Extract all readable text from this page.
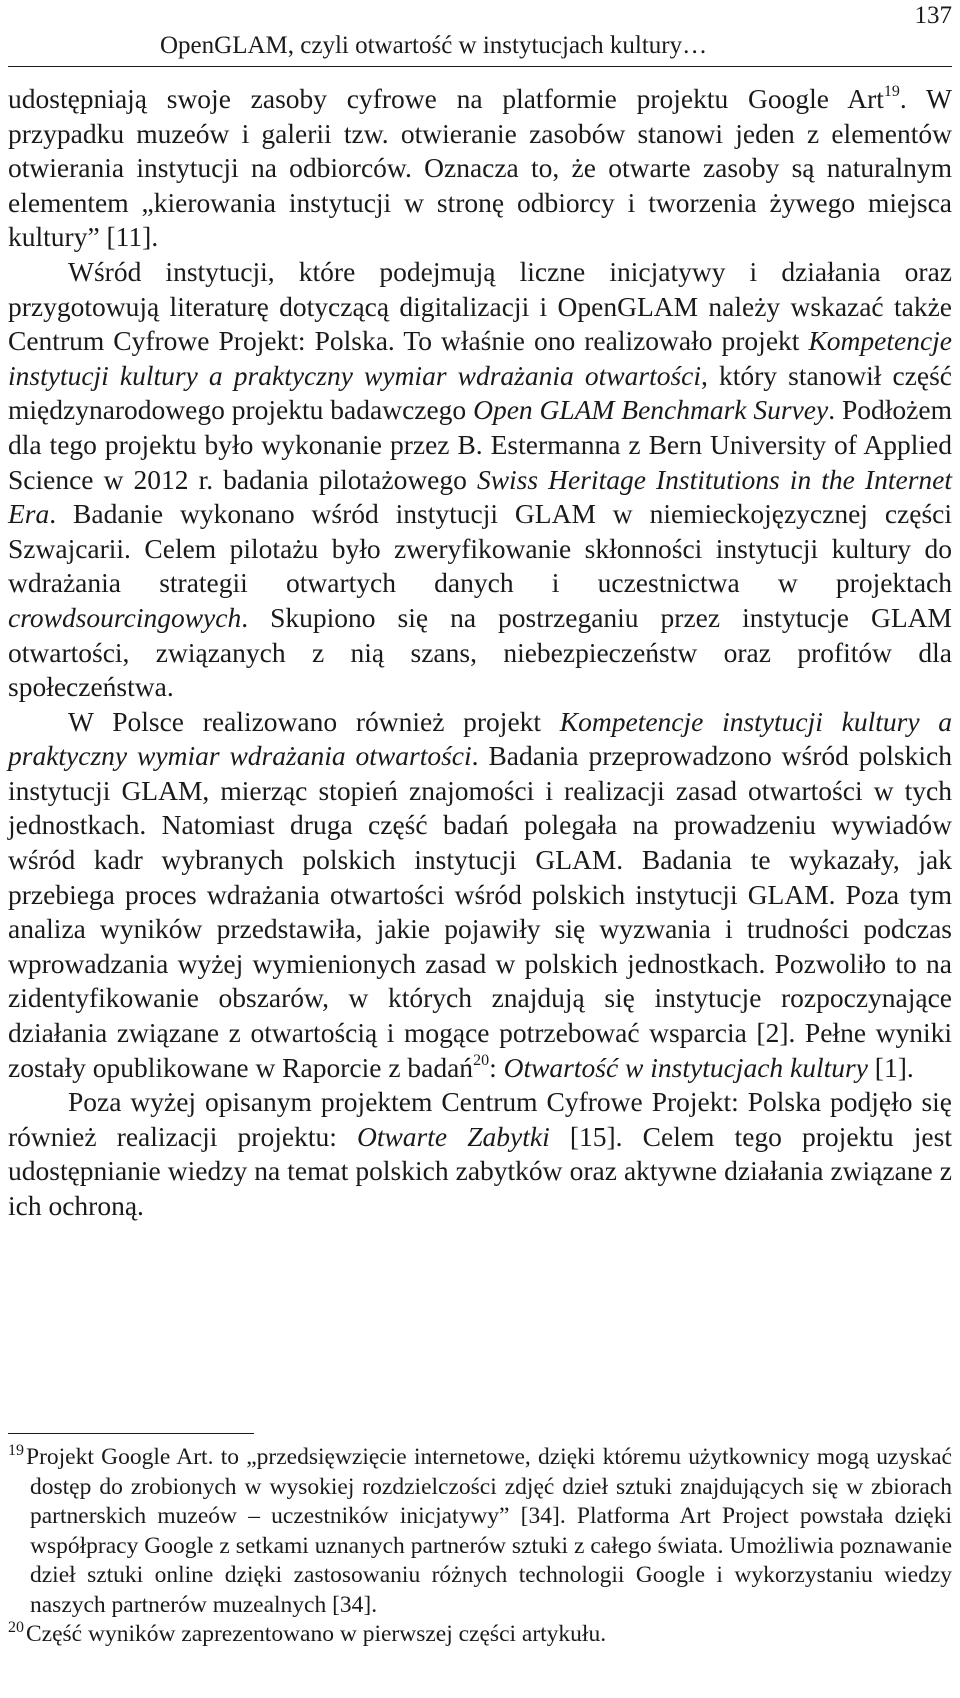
OpenGLAM, czyli otwartość w instytucjach kultury…
137

udostępniają swoje zasoby cyfrowe na platformie projektu Google Art$^{19}$. W przypadku muzeów i galerii tzw. otwieranie zasobów stanowi jeden z elementów otwierania instytucji na odbiorców. Oznacza to, że otwarte zasoby są naturalnym elementem „kierowania instytucji w stronę odbiorcy i tworzenia żywego miejsca kultury” [11].

Wśród instytucji, które podejmują liczne inicjatywy i działania oraz przygotowują literaturę dotyczącą digitalizacji i OpenGLAM należy wskazać także Centrum Cyfrowe Projekt: Polska. To właśnie ono realizowało projekt Kompetencje instytucji kultury a praktyczny wymiar wdrażania otwartości, który stanowił część międzynarodowego projektu badawczego Open GLAM Benchmark Survey. Podłożem dla tego projektu było wykonanie przez B. Estermanna z Bern University of Applied Science w 2012 r. badania pilotażowego Swiss Heritage Institutions in the Internet Era. Badanie wykonano wśród instytucji GLAM w niemieckojęzycznej części Szwajcarii. Celem pilotażu było zweryfikowanie skłonności instytucji kultury do wdrażania strategii otwartych danych i uczestnictwa w projektach crowdsourcingowych. Skupiono się na postrzeganiu przez instytucje GLAM otwartości, związanych z nią szans, niebezpieczeństw oraz profitów dla społeczeństwa.

W Polsce realizowano również projekt Kompetencje instytucji kultury a praktyczny wymiar wdrażania otwartości. Badania przeprowadzono wśród polskich instytucji GLAM, mierząc stopień znajomości i realizacji zasad otwartości w tych jednostkach. Natomiast druga część badań polegała na prowadzeniu wywiadów wśród kadr wybranych polskich instytucji GLAM. Badania te wykazały, jak przebiega proces wdrażania otwartości wśród polskich instytucji GLAM. Poza tym analiza wyników przedstawiła, jakie pojawiły się wyzwania i trudności podczas wprowadzania wyżej wymienionych zasad w polskich jednostkach. Pozwoliło to na zidentyfikowanie obszarów, w których znajdują się instytucje rozpoczynające działania związane z otwartością i mogące potrzebować wsparcia [2]. Pełne wyniki zostały opublikowane w Raporcie z badań$^{20}$: Otwartość w instytucjach kultury [1].

Poza wyżej opisanym projektem Centrum Cyfrowe Projekt: Polska podjęło się również realizacji projektu: Otwarte Zabytki [15]. Celem tego projektu jest udostępnianie wiedzy na temat polskich zabytków oraz aktywne działania związane z ich ochroną.

$^{19}$Projekt Google Art. to „przedsięwzięcie internetowe, dzięki któremu użytkownicy mogą uzyskać dostęp do zrobionych w wysokiej rozdzielczości zdjęć dzieł sztuki znajdujących się w zbiorach partnerskich muzeów – uczestników inicjatywy” [34]. Platforma Art Project powstała dzięki współpracy Google z setkami uznanych partnerów sztuki z całego świata. Umożliwia poznawanie dzieł sztuki online dzięki zastosowaniu różnych technologii Google i wykorzystaniu wiedzy naszych partnerów muzealnych [34].

$^{20}$Część wyników zaprezentowano w pierwszej części artykułu.
